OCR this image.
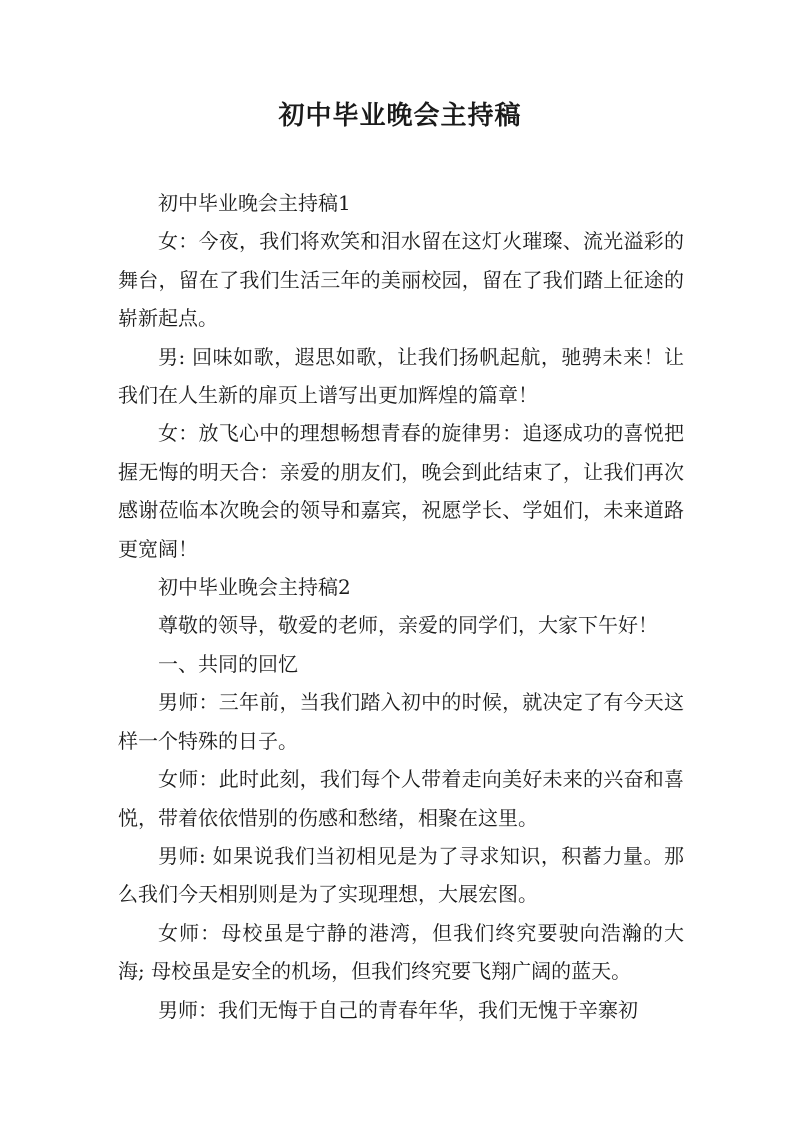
初中毕业晚会主持稿

初中毕业晚会主持稿1

女：今夜，我们将欢笑和泪水留在这灯火璀璨、流光溢彩的舞台，留在了我们生活三年的美丽校园，留在了我们踏上征途的崭新起点。

男: 回味如歌，遐思如歌，让我们扬帆起航，驰骋未来！让我们在人生新的扉页上谱写出更加辉煌的篇章！

女：放飞心中的理想畅想青春的旋律男：追逐成功的喜悦把握无悔的明天合：亲爱的朋友们，晚会到此结束了，让我们再次感谢莅临本次晚会的领导和嘉宾，祝愿学长、学姐们，未来道路更宽阔！

初中毕业晚会主持稿2

尊敬的领导，敬爱的老师，亲爱的同学们，大家下午好！

一、共同的回忆

男师：三年前，当我们踏入初中的时候，就决定了有今天这样一个特殊的日子。

女师：此时此刻，我们每个人带着走向美好未来的兴奋和喜悦，带着依依惜别的伤感和愁绪，相聚在这里。

男师: 如果说我们当初相见是为了寻求知识，积蓄力量。那么我们今天相别则是为了实现理想，大展宏图。

女师：母校虽是宁静的港湾，但我们终究要驶向浩瀚的大海; 母校虽是安全的机场，但我们终究要飞翔广阔的蓝天。

男师：我们无悔于自己的青春年华，我们无愧于辛寨初
